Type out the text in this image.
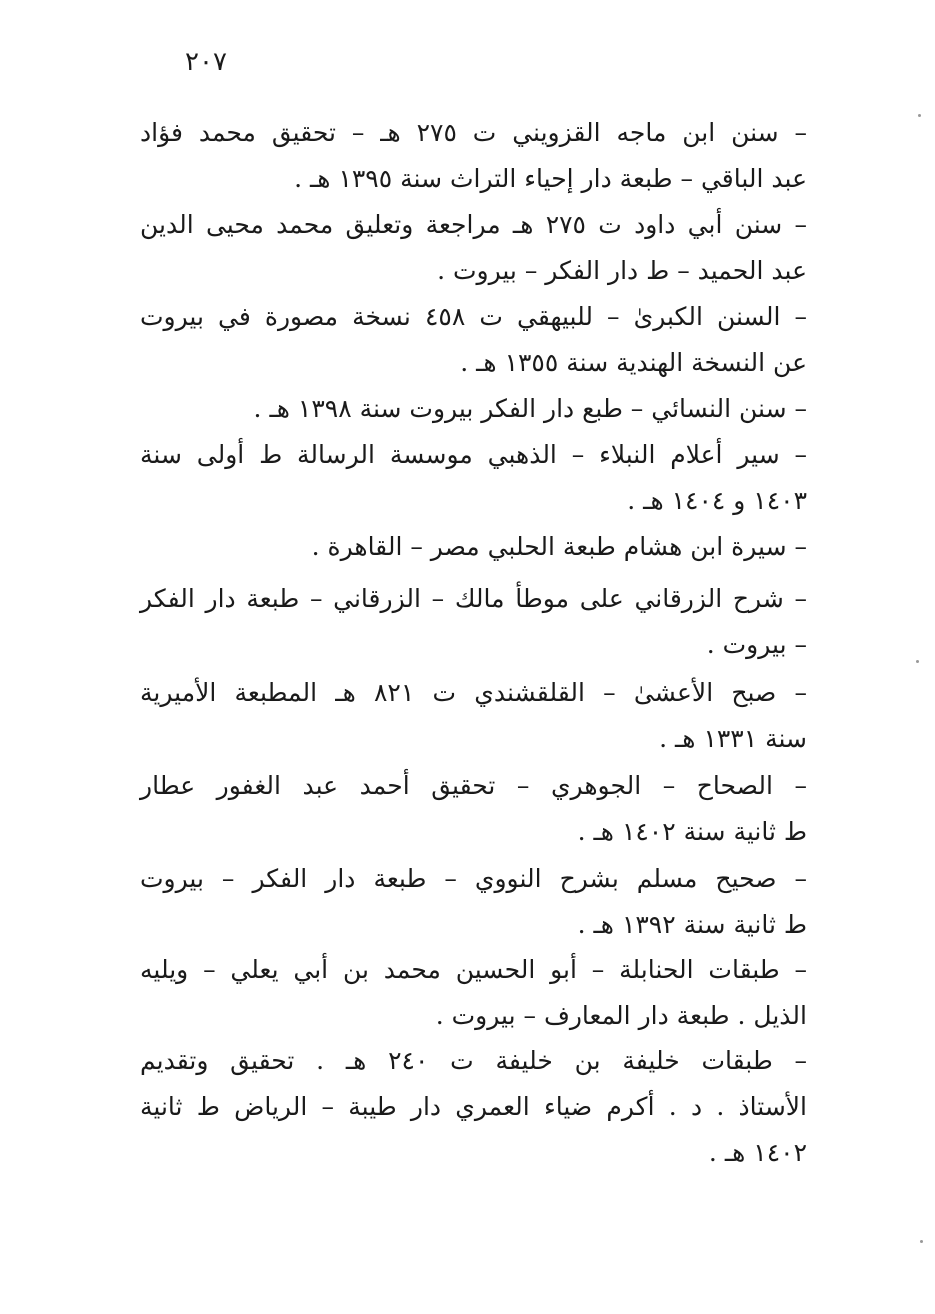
٢٠٧
– سنن ابن ماجه القزويني ت ٢٧٥ هـ – تحقيق محمد فؤاد
عبد الباقي – طبعة دار إحياء التراث سنة ١٣٩٥ هـ .
– سنن أبي داود ت ٢٧٥ هـ مراجعة وتعليق محمد محيى الدين
عبد الحميد – ط دار الفكر – بيروت .
– السنن الكبرىٰ – للبيهقي ت ٤٥٨ نسخة مصورة في بيروت
عن النسخة الهندية سنة ١٣٥٥ هـ .
– سنن النسائي – طبع دار الفكر بيروت سنة ١٣٩٨ هـ .
– سير أعلام النبلاء – الذهبي موسسة الرسالة ط أولى سنة
١٤٠٣ و ١٤٠٤ هـ .
– سيرة ابن هشام طبعة الحلبي مصر – القاهرة .
– شرح الزرقاني على موطأ مالك – الزرقاني – طبعة دار الفكر
– بيروت .
– صبح الأعشىٰ – القلقشندي ت ٨٢١ هـ المطبعة الأميرية
سنة ١٣٣١ هـ .
– الصحاح – الجوهري – تحقيق أحمد عبد الغفور عطار
ط ثانية سنة ١٤٠٢ هـ .
– صحيح مسلم بشرح النووي – طبعة دار الفكر – بيروت
ط ثانية سنة ١٣٩٢ هـ .
– طبقات الحنابلة – أبو الحسين محمد بن أبي يعلي – ويليه
الذيل . طبعة دار المعارف – بيروت .
– طبقات خليفة بن خليفة ت ٢٤٠ هـ . تحقيق وتقديم
الأستاذ . د . أكرم ضياء العمري دار طيبة – الرياض ط ثانية
١٤٠٢ هـ .
